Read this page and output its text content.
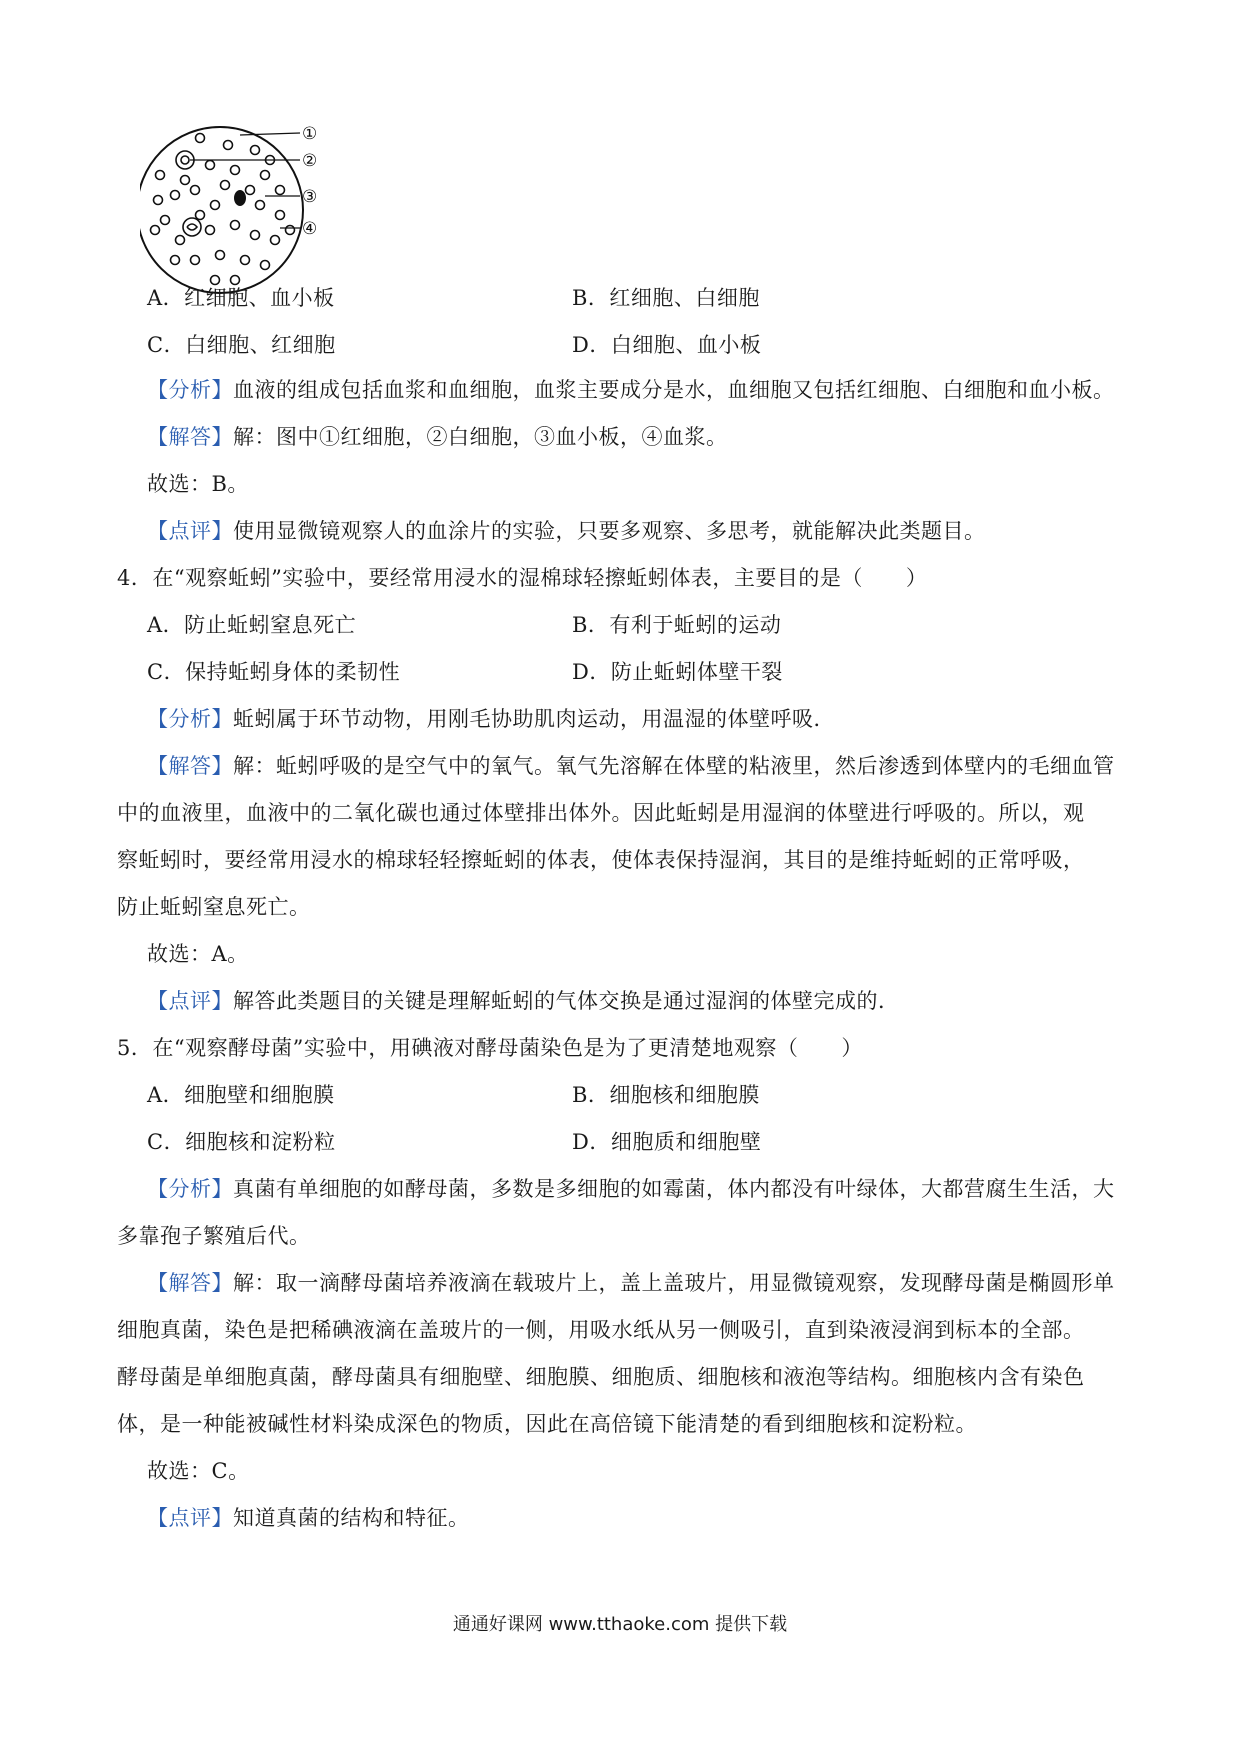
①
②
③
④
A．红细胞、血小板	B．红细胞、白细胞
C．白细胞、红细胞	D．白细胞、血小板
【分析】血液的组成包括血浆和血细胞，血浆主要成分是水，血细胞又包括红细胞、白细胞和血小板。
【解答】解：图中①红细胞，②白细胞，③血小板，④血浆。
故选：B。
【点评】使用显微镜观察人的血涂片的实验，只要多观察、多思考，就能解决此类题目。
4．在“观察蚯蚓”实验中，要经常用浸水的湿棉球轻擦蚯蚓体表，主要目的是（　　）
A．防止蚯蚓窒息死亡	B．有利于蚯蚓的运动
C．保持蚯蚓身体的柔韧性	D．防止蚯蚓体壁干裂
【分析】蚯蚓属于环节动物，用刚毛协助肌肉运动，用温湿的体壁呼吸．
【解答】解：蚯蚓呼吸的是空气中的氧气。氧气先溶解在体壁的粘液里，然后渗透到体壁内的毛细血管
中的血液里，血液中的二氧化碳也通过体壁排出体外。因此蚯蚓是用湿润的体壁进行呼吸的。所以，观
察蚯蚓时，要经常用浸水的棉球轻轻擦蚯蚓的体表，使体表保持湿润，其目的是维持蚯蚓的正常呼吸，
防止蚯蚓窒息死亡。
故选：A。
【点评】解答此类题目的关键是理解蚯蚓的气体交换是通过湿润的体壁完成的．
5．在“观察酵母菌”实验中，用碘液对酵母菌染色是为了更清楚地观察（　　）
A．细胞壁和细胞膜	B．细胞核和细胞膜
C．细胞核和淀粉粒	D．细胞质和细胞壁
【分析】真菌有单细胞的如酵母菌，多数是多细胞的如霉菌，体内都没有叶绿体，大都营腐生生活，大
多靠孢子繁殖后代。
【解答】解：取一滴酵母菌培养液滴在载玻片上，盖上盖玻片，用显微镜观察，发现酵母菌是椭圆形单
细胞真菌，染色是把稀碘液滴在盖玻片的一侧，用吸水纸从另一侧吸引，直到染液浸润到标本的全部。
酵母菌是单细胞真菌，酵母菌具有细胞壁、细胞膜、细胞质、细胞核和液泡等结构。细胞核内含有染色
体，是一种能被碱性材料染成深色的物质，因此在高倍镜下能清楚的看到细胞核和淀粉粒。
故选：C。
【点评】知道真菌的结构和特征。
通通好课网 www.tthaoke.com 提供下载
